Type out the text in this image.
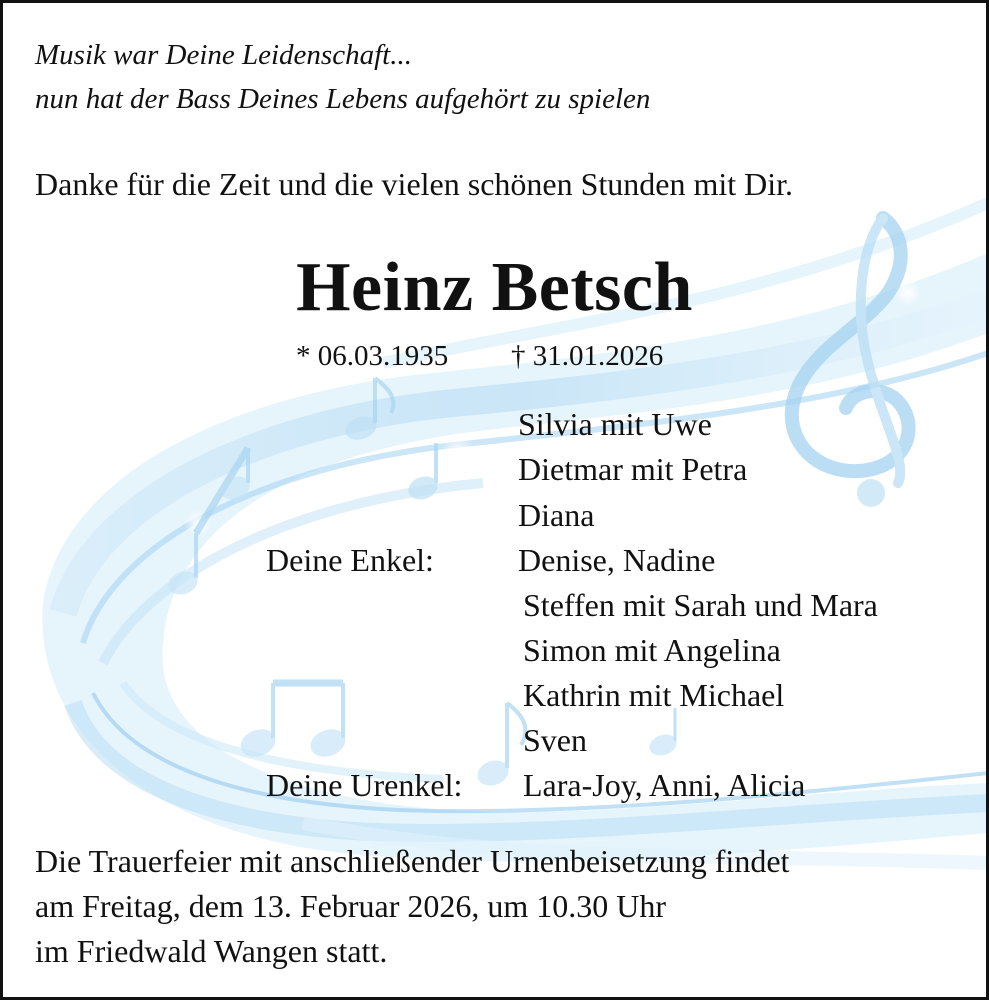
Musik war Deine Leidenschaft...
nun hat der Bass Deines Lebens aufgehört zu spielen
Danke für die Zeit und die vielen schönen Stunden mit Dir.
Heinz Betsch
* 06.03.1935 † 31.01.2026
Silvia mit Uwe
Dietmar mit Petra
Diana
Deine Enkel:	Denise, Nadine
Steffen mit Sarah und Mara
Simon mit Angelina
Kathrin mit Michael
Sven
Deine Urenkel: Lara-Joy, Anni, Alicia
Die Trauerfeier mit anschließender Urnenbeisetzung findet
am Freitag, dem 13. Februar 2026, um 10.30 Uhr
im Friedwald Wangen statt.
